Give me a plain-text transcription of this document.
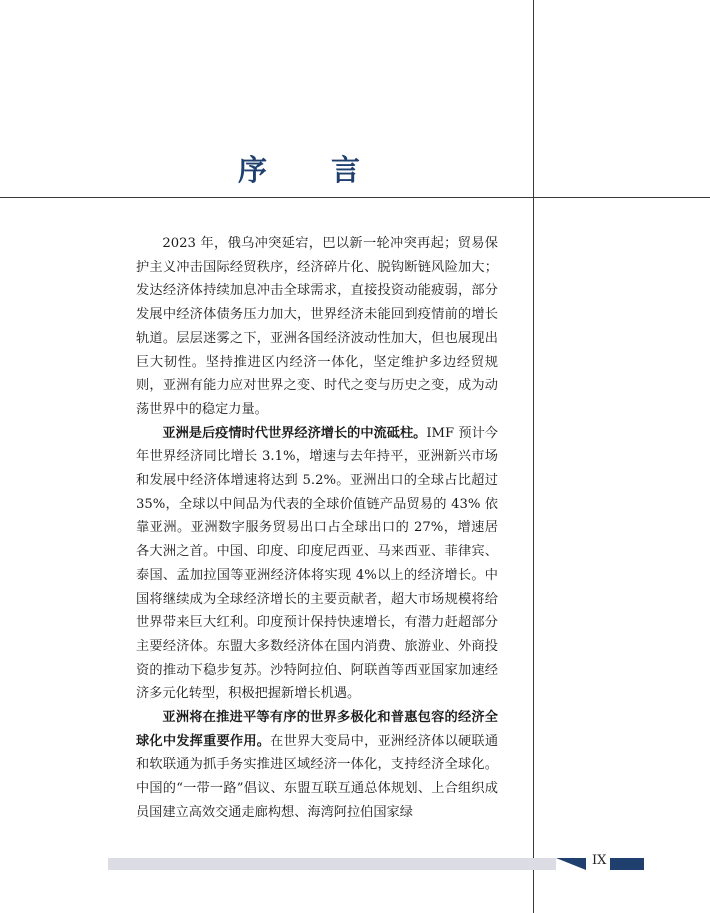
序　　言

2023 年，俄乌冲突延宕，巴以新一轮冲突再起；贸易保护主义冲击国际经贸秩序，经济碎片化、脱钩断链风险加大；发达经济体持续加息冲击全球需求，直接投资动能疲弱，部分发展中经济体债务压力加大，世界经济未能回到疫情前的增长轨道。层层迷雾之下，亚洲各国经济波动性加大，但也展现出巨大韧性。坚持推进区内经济一体化，坚定维护多边经贸规则，亚洲有能力应对世界之变、时代之变与历史之变，成为动荡世界中的稳定力量。

亚洲是后疫情时代世界经济增长的中流砥柱。IMF 预计今年世界经济同比增长 3.1%，增速与去年持平，亚洲新兴市场和发展中经济体增速将达到 5.2%。亚洲出口的全球占比超过 35%，全球以中间品为代表的全球价值链产品贸易的 43% 依靠亚洲。亚洲数字服务贸易出口占全球出口的 27%，增速居各大洲之首。中国、印度、印度尼西亚、马来西亚、菲律宾、泰国、孟加拉国等亚洲经济体将实现 4%以上的经济增长。中国将继续成为全球经济增长的主要贡献者，超大市场规模将给世界带来巨大红利。印度预计保持快速增长，有潜力赶超部分主要经济体。东盟大多数经济体在国内消费、旅游业、外商投资的推动下稳步复苏。沙特阿拉伯、阿联酋等西亚国家加速经济多元化转型，积极把握新增长机遇。

亚洲将在推进平等有序的世界多极化和普惠包容的经济全球化中发挥重要作用。在世界大变局中，亚洲经济体以硬联通和软联通为抓手务实推进区域经济一体化，支持经济全球化。中国的“一带一路”倡议、东盟互联互通总体规划、上合组织成员国建立高效交通走廊构想、海湾阿拉伯国家绿

IX
